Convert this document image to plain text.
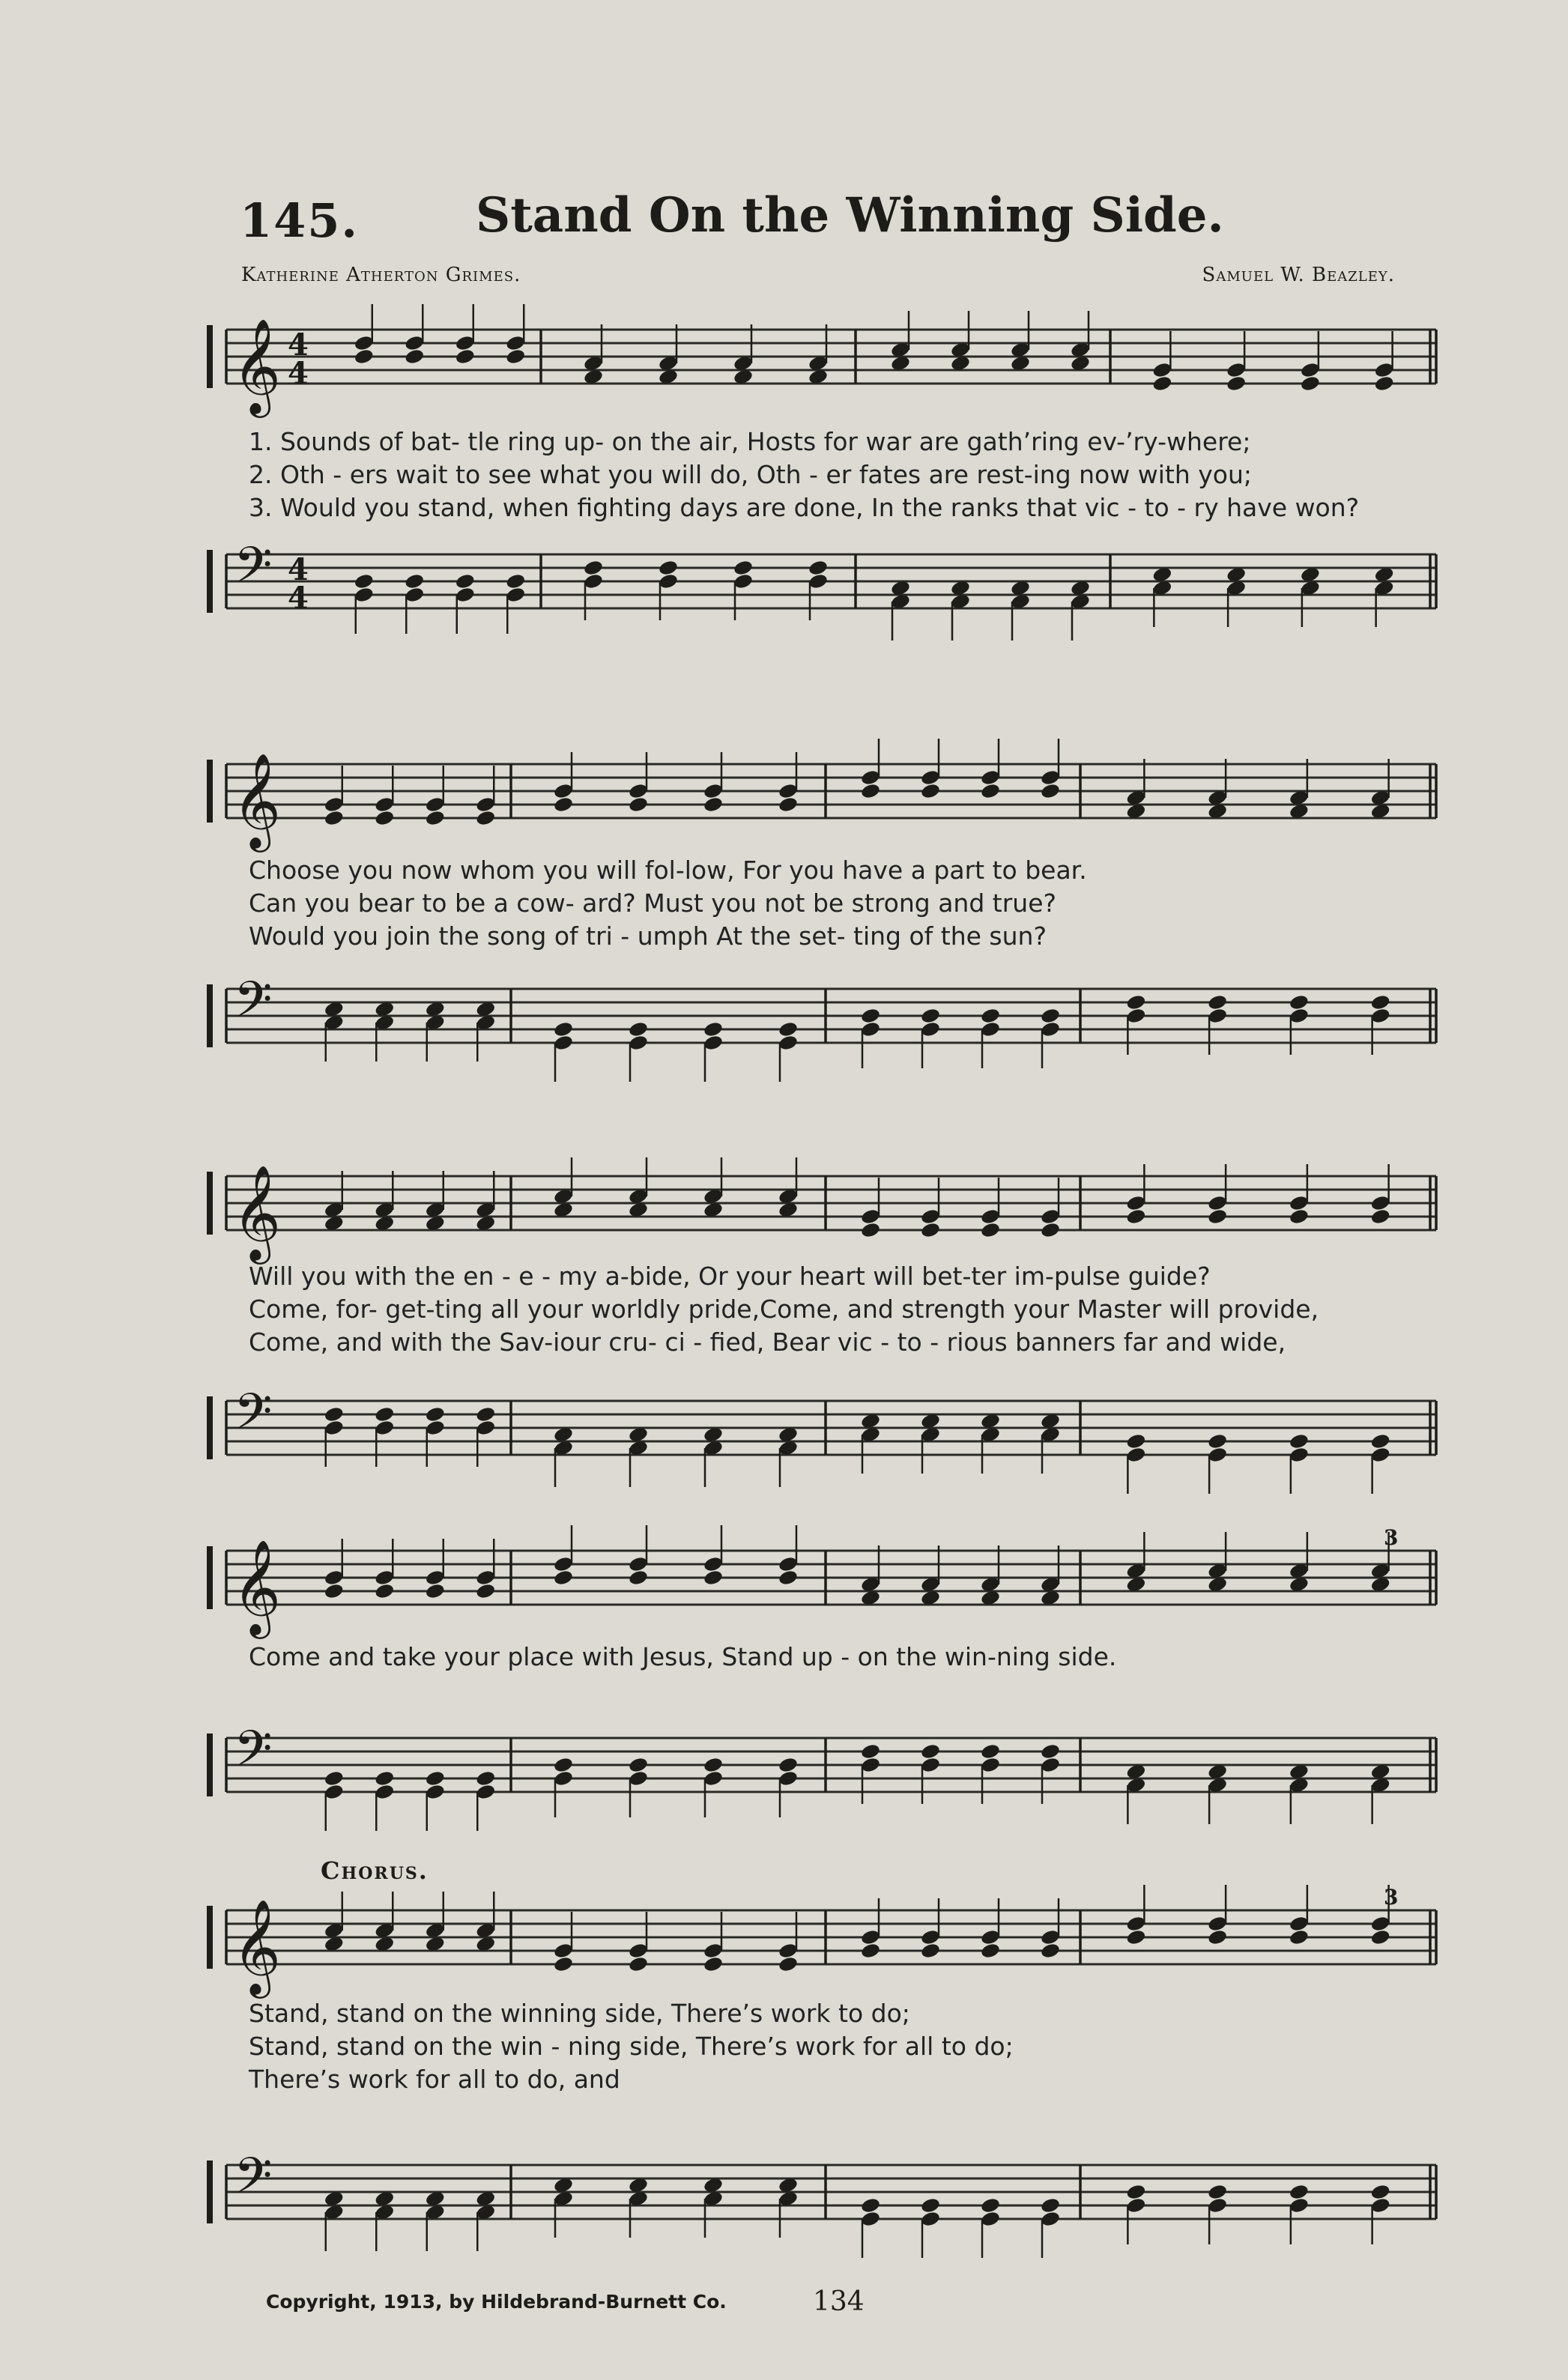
145. Stand On the Winning Side.
Katherine Atherton Grimes.	Samuel W. Beazley.
𝄞 4
4
1. Sounds of bat- tle ring up- on the air, Hosts for war are gath’ring ev-’ry-where;
2. Oth - ers wait to see what you will do, Oth - er fates are rest-ing now with you;
3. Would you stand, when fighting days are done, In the ranks that vic - to - ry have won?
𝄢 4
4
𝄞
Choose you now whom you will fol-low, For you have a part to bear.
Can you bear to be a cow- ard? Must you not be strong and true?
Would you join the song of tri - umph At the set- ting of the sun?
𝄢
𝄞
Will you with the en - e - my a-bide, Or your heart will bet-ter im-pulse guide?
Come, for- get-ting all your worldly pride,Come, and strength your Master will provide,
Come, and with the Sav-iour cru- ci - fied, Bear vic - to - rious banners far and wide,
𝄢
𝄞
3
Come and take your place with Jesus, Stand up - on the win-ning side.
𝄢
Chorus.
𝄞
3
Stand, stand on the winning side, There’s work to do;
Stand, stand on the win - ning side, There’s work for all to do;
There’s work for all to do, and
𝄢
Copyright, 1913, by Hildebrand-Burnett Co.	134
